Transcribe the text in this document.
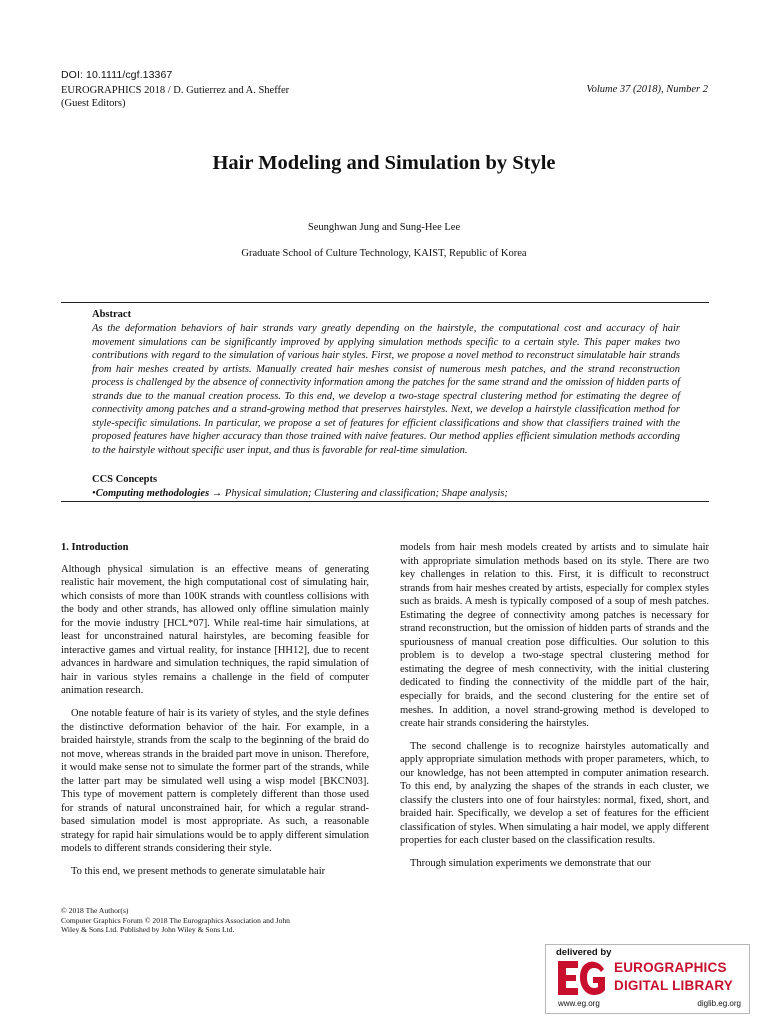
DOI: 10.1111/cgf.13367
EUROGRAPHICS 2018 / D. Gutierrez and A. Sheffer
(Guest Editors)
Volume 37 (2018), Number 2
Hair Modeling and Simulation by Style
Seunghwan Jung and Sung-Hee Lee
Graduate School of Culture Technology, KAIST, Republic of Korea
Abstract
As the deformation behaviors of hair strands vary greatly depending on the hairstyle, the computational cost and accuracy of hair movement simulations can be significantly improved by applying simulation methods specific to a certain style. This paper makes two contributions with regard to the simulation of various hair styles. First, we propose a novel method to reconstruct simulatable hair strands from hair meshes created by artists. Manually created hair meshes consist of numerous mesh patches, and the strand reconstruction process is challenged by the absence of connectivity information among the patches for the same strand and the omission of hidden parts of strands due to the manual creation process. To this end, we develop a two-stage spectral clustering method for estimating the degree of connectivity among patches and a strand-growing method that preserves hairstyles. Next, we develop a hairstyle classification method for style-specific simulations. In particular, we propose a set of features for efficient classifications and show that classifiers trained with the proposed features have higher accuracy than those trained with naive features. Our method applies efficient simulation methods according to the hairstyle without specific user input, and thus is favorable for real-time simulation.
CCS Concepts
•Computing methodologies → Physical simulation; Clustering and classification; Shape analysis;
1. Introduction

Although physical simulation is an effective means of generating realistic hair movement, the high computational cost of simulating hair, which consists of more than 100K strands with countless collisions with the body and other strands, has allowed only offline simulation mainly for the movie industry [HCL*07]. While real-time hair simulations, at least for unconstrained natural hairstyles, are becoming feasible for interactive games and virtual reality, for instance [HH12], due to recent advances in hardware and simulation techniques, the rapid simulation of hair in various styles remains a challenge in the field of computer animation research.

One notable feature of hair is its variety of styles, and the style defines the distinctive deformation behavior of the hair. For example, in a braided hairstyle, strands from the scalp to the beginning of the braid do not move, whereas strands in the braided part move in unison. Therefore, it would make sense not to simulate the former part of the strands, while the latter part may be simulated well using a wisp model [BKCN03]. This type of movement pattern is completely different than those used for strands of natural unconstrained hair, for which a regular strand-based simulation model is most appropriate. As such, a reasonable strategy for rapid hair simulations would be to apply different simulation models to different strands considering their style.

To this end, we present methods to generate simulatable hair

models from hair mesh models created by artists and to simulate hair with appropriate simulation methods based on its style. There are two key challenges in relation to this. First, it is difficult to reconstruct strands from hair meshes created by artists, especially for complex styles such as braids. A mesh is typically composed of a soup of mesh patches. Estimating the degree of connectivity among patches is necessary for strand reconstruction, but the omission of hidden parts of strands and the spuriousness of manual creation pose difficulties. Our solution to this problem is to develop a two-stage spectral clustering method for estimating the degree of mesh connectivity, with the initial clustering dedicated to finding the connectivity of the middle part of the hair, especially for braids, and the second clustering for the entire set of meshes. In addition, a novel strand-growing method is developed to create hair strands considering the hairstyles.

The second challenge is to recognize hairstyles automatically and apply appropriate simulation methods with proper parameters, which, to our knowledge, has not been attempted in computer animation research. To this end, by analyzing the shapes of the strands in each cluster, we classify the clusters into one of four hairstyles: normal, fixed, short, and braided hair. Specifically, we develop a set of features for the efficient classification of styles. When simulating a hair model, we apply different properties for each cluster based on the classification results.

Through simulation experiments we demonstrate that our

© 2018 The Author(s)
Computer Graphics Forum © 2018 The Eurographics Association and John
Wiley & Sons Ltd. Published by John Wiley & Sons Ltd.
delivered by
EUROGRAPHICS
DIGITAL LIBRARY
www.eg.org	diglib.eg.org
